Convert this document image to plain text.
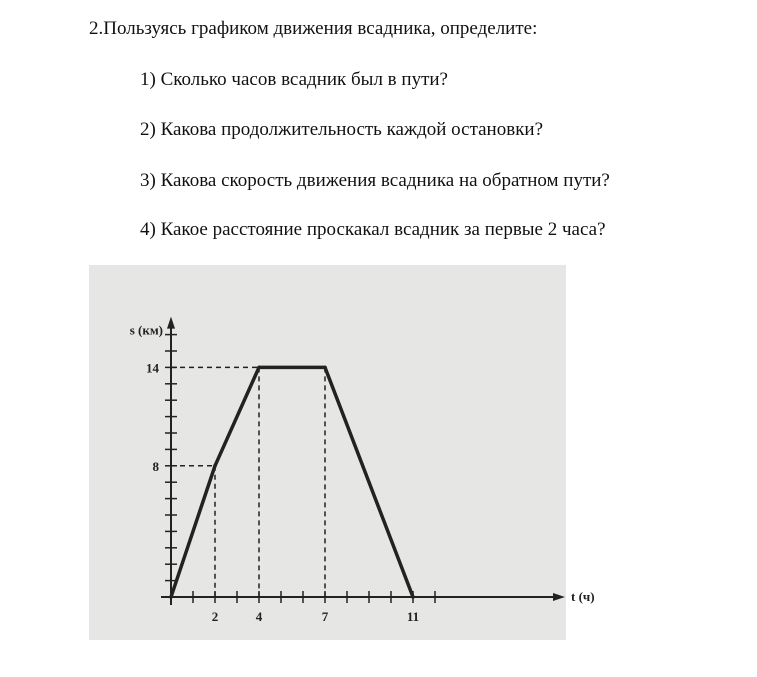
2.Пользуясь графиком движения всадника, определите:
1) Сколько часов всадник был в пути?
2) Какова продолжительность каждой остановки?
3) Какова скорость движения всадника на обратном пути?
4) Какое расстояние проскакал всадник за первые 2 часа?
2	4	7	11
8
14
s (км)
t (ч)
